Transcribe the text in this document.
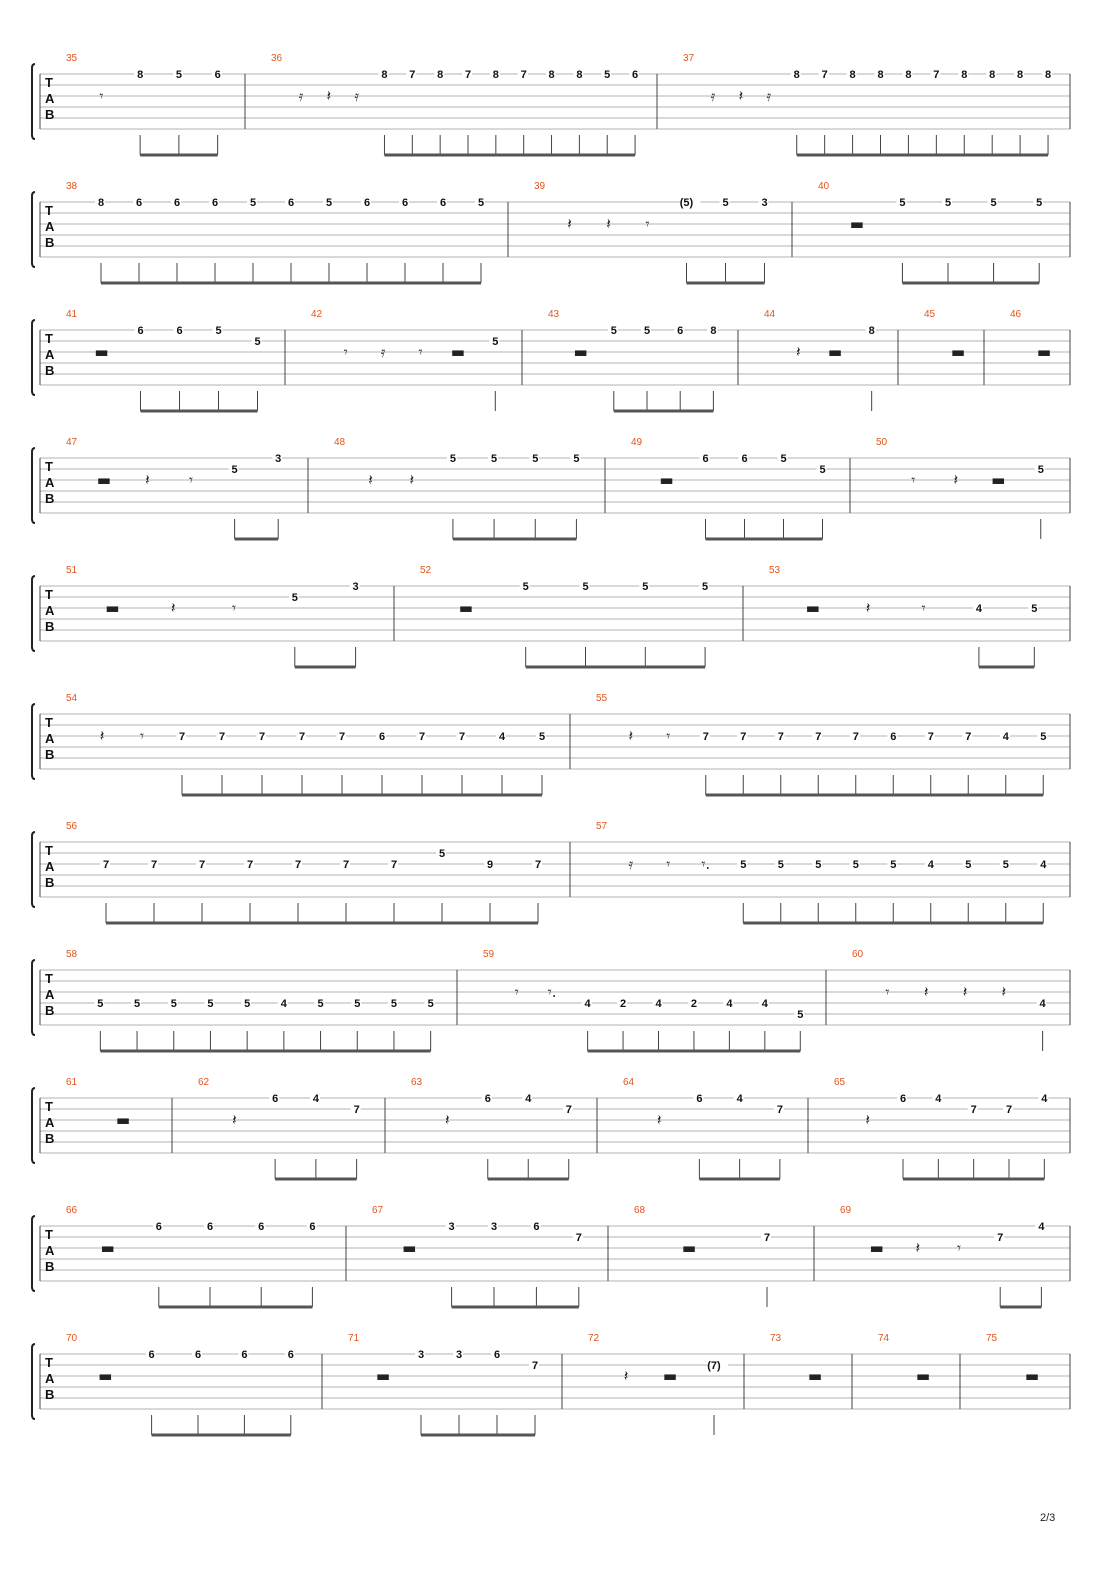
T
A
B
35
𝄾
8	5	6
36
𝄿 𝄽 𝄿
8 7 8 7 8 7 8 8 5 6
37
𝄿 𝄽 𝄿
8 7 8 8 8 7 8 8 8 8
T
A
B
38
8	6	6	6	5	6	5	6	6	6	5
39
𝄽 𝄽 𝄾
(5)	5	3
40
▬
5	5	5	5
T
A
B
41
▬
6	6	5
5
42
𝄾 𝄿 𝄾 ▬
5
43
▬
5 5 6 8
44
𝄽 ▬
8
45
▬
46
▬
T
A
B
47
▬ 𝄽	𝄾
5
3
48
𝄽 𝄽
5	5	5	5
49
▬
6	6	5
5
50
𝄾	𝄽 ▬
5
T
A
B
51
▬	𝄽	𝄾
5
3
52
▬
5	5	5	5
53
▬	𝄽	𝄾	4	5
T
A
B
54
𝄽 𝄾	7	7	7	7	7	6	7	7	4	5
55
𝄽 𝄾	7	7	7	7	7	6	7	7	4	5
T
A
B
56
7	7	7	7	7	7	7
5
9	7
57
𝄿 𝄾 𝄾.	5	5	5	5	5	4	5	5	4
T
A
B
58
5	5	5	5	5	4	5	5	5	5
59
𝄾 𝄾.
4	2	4	2	4	4
5
60
𝄾 𝄽 𝄽 𝄽
4
T
A
B
61
▬
62
𝄽
6	4
7
63
𝄽
6	4
7
64
𝄽
6	4
7
65
𝄽
6	4
7	7
4
T
A
B
66
▬
6	6	6	6
67
▬
3	3	6
7
68
▬
7
69
▬ 𝄽 𝄾
7
4
T
A
B
70
▬
6	6	6	6
71
▬
3	3	6
7
72
𝄽 ▬
(7)
73
▬
74
▬
75
▬
2/3
